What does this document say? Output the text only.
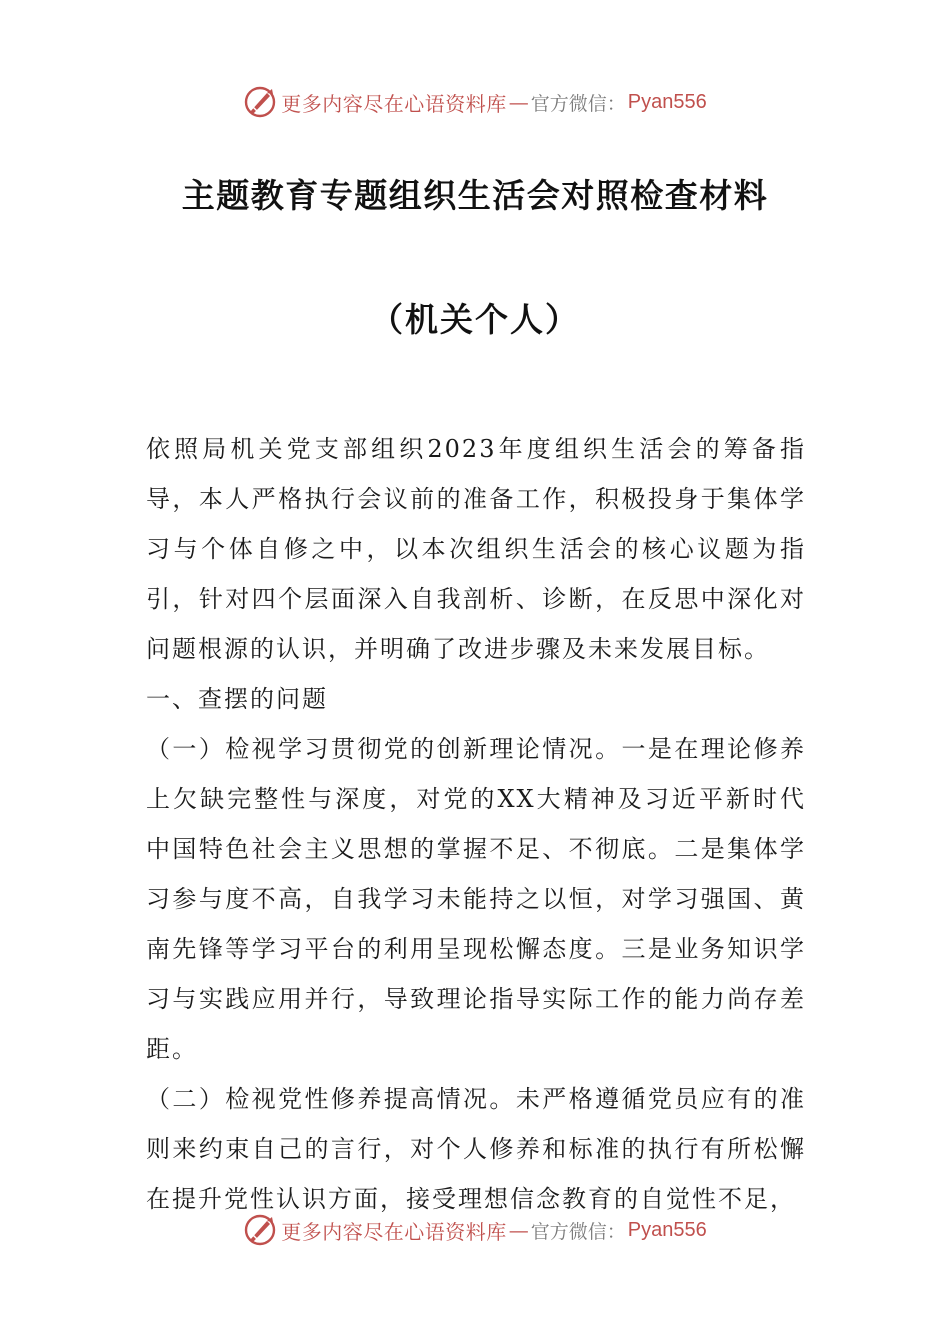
更多内容尽在心语资料库 — 官方微信： Pyan556
主题教育专题组织生活会对照检查材料
（机关个人）

依照局机关党支部组织2023年度组织生活会的筹备指导，本人严格执行会议前的准备工作，积极投身于集体学习与个体自修之中，以本次组织生活会的核心议题为指引，针对四个层面深入自我剖析、诊断，在反思中深化对问题根源的认识，并明确了改进步骤及未来发展目标。

一、查摆的问题

（一）检视学习贯彻党的创新理论情况。一是在理论修养上欠缺完整性与深度，对党的XX大精神及习近平新时代中国特色社会主义思想的掌握不足、不彻底。二是集体学习参与度不高，自我学习未能持之以恒，对学习强国、黄南先锋等学习平台的利用呈现松懈态度。三是业务知识学习与实践应用并行，导致理论指导实际工作的能力尚存差距。

（二）检视党性修养提高情况。未严格遵循党员应有的准则来约束自己的言行，对个人修养和标准的执行有所松懈在提升党性认识方面，接受理想信念教育的自觉性不足，

更多内容尽在心语资料库 — 官方微信： Pyan556
